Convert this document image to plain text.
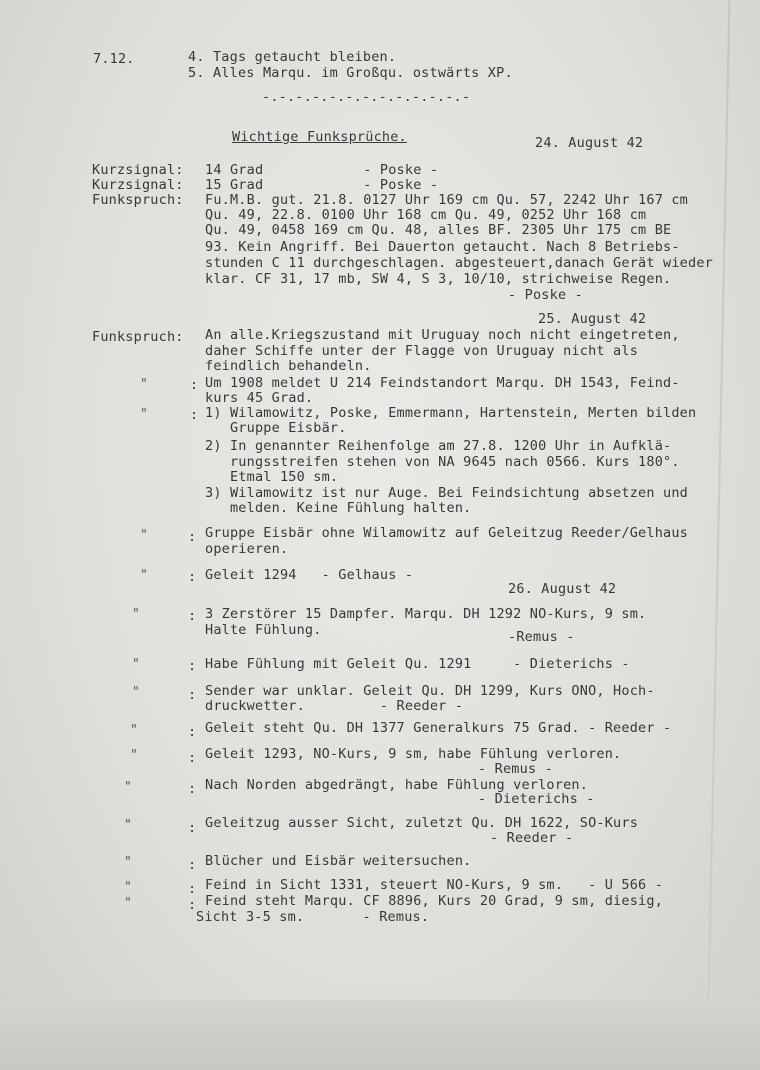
7.12.	4. Tags getaucht bleiben.
5. Alles Marqu. im Großqu. ostwärts XP.
-.-.-.-.-.-.-.-.-.-.-.-.-
Wichtige Funksprüche.	24. August 42
Kurzsignal: 14 Grad            - Poske -
Kurzsignal: 15 Grad            - Poske -
Funkspruch: Fu.M.B. gut. 21.8. 0127 Uhr 169 cm Qu. 57, 2242 Uhr 167 cm
Qu. 49, 22.8. 0100 Uhr 168 cm Qu. 49, 0252 Uhr 168 cm
Qu. 49, 0458 169 cm Qu. 48, alles BF. 2305 Uhr 175 cm BE
93. Kein Angriff. Bei Dauerton getaucht. Nach 8 Betriebs-
stunden C 11 durchgeschlagen. abgesteuert,danach Gerät wieder
klar. CF 31, 17 mb, SW 4, S 3, 10/10, strichweise Regen.
- Poske -
25. August 42
Funkspruch: An alle.Kriegszustand mit Uruguay noch nicht eingetreten,
daher Schiffe unter der Flagge von Uruguay nicht als
feindlich behandeln.
"	: Um 1908 meldet U 214 Feindstandort Marqu. DH 1543, Feind-
kurs 45 Grad.
"	: 1) Wilamowitz, Poske, Emmermann, Hartenstein, Merten bilden
Gruppe Eisbär.
2) In genannter Reihenfolge am 27.8. 1200 Uhr in Aufklä-
rungsstreifen stehen von NA 9645 nach 0566. Kurs 180°.
Etmal 150 sm.
3) Wilamowitz ist nur Auge. Bei Feindsichtung absetzen und
melden. Keine Fühlung halten.
"	: Gruppe Eisbär ohne Wilamowitz auf Geleitzug Reeder/Gelhaus
operieren.
"	: Geleit 1294   - Gelhaus -
26. August 42
"	: 3 Zerstörer 15 Dampfer. Marqu. DH 1292 NO-Kurs, 9 sm.
Halte Fühlung.	-Remus -
"	: Habe Fühlung mit Geleit Qu. 1291     - Dieterichs -
"	: Sender war unklar. Geleit Qu. DH 1299, Kurs ONO, Hoch-
druckwetter.         - Reeder -
"	: Geleit steht Qu. DH 1377 Generalkurs 75 Grad. - Reeder -
"	: Geleit 1293, NO-Kurs, 9 sm, habe Fühlung verloren.
- Remus -
"	: Nach Norden abgedrängt, habe Fühlung verloren.
- Dieterichs -
"	: Geleitzug ausser Sicht, zuletzt Qu. DH 1622, SO-Kurs
- Reeder -
"	: Blücher und Eisbär weitersuchen.
"	: Feind in Sicht 1331, steuert NO-Kurs, 9 sm.   - U 566 -
"	: Feind steht Marqu. CF 8896, Kurs 20 Grad, 9 sm, diesig,
Sicht 3-5 sm.       - Remus.
